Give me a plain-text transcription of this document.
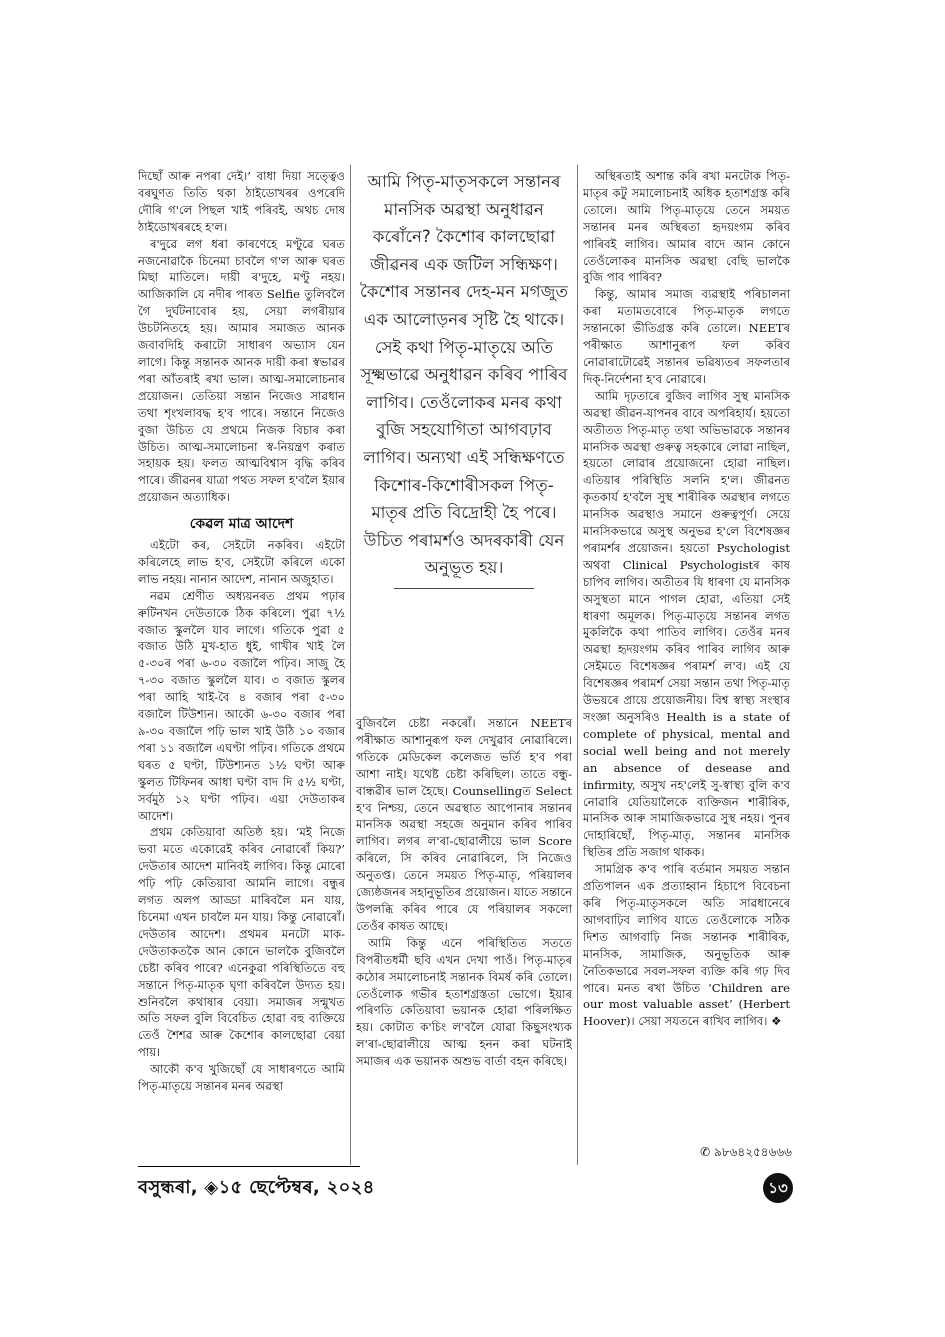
দিছোঁ আৰু নপৰা দেই।’ বাধা দিয়া সত্ত্বেও বৰঘুণত তিতি থকা ঠাইডোখৰৰ ওপৰেদি দৌৰি গ'লে পিছল খাই পৰিবই, অথচ দোষ ঠাইডোখৰৰহে হ'ল।

ৰ'দুৱে লগ ধৰা কাৰণেহে মণ্টুৱে ঘৰত নজনোৱাকৈ চিনেমা চাবলৈ গ'ল আৰু ঘৰত মিছা মাতিলে। দায়ী ৰ'দুহে, মণ্টু নহয়। আজিকালি যে নদীৰ পাৰত Selfie তুলিবলৈ গৈ দুৰ্ঘটনাবোৰ হয়, সেয়া লগৰীয়াৰ উচটনিতহে হয়। আমাৰ সমাজত আনক জবাবদিহি কৰাটো সাধাৰণ অভ্যাস যেন লাগে। কিন্তু সন্তানক আনক দায়ী কৰা স্বভাৱৰ পৰা আঁতৰাই ৰখা ভাল। আত্ম-সমালোচনাৰ প্ৰয়োজন। তেতিয়া সন্তান নিজেও সাৱধান তথা শৃংখলাবদ্ধ হ'ব পাৰে। সন্তানে নিজেও বুজা উচিত যে প্ৰথমে নিজক বিচাৰ কৰা উচিত। আত্ম-সমালোচনা স্ব-নিয়ন্ত্ৰণ কৰাত সহায়ক হয়। ফলত আত্মবিশ্বাস বৃদ্ধি কৰিব পাৰে। জীৱনৰ যাত্ৰা পথত সফল হ'বলৈ ইয়াৰ প্ৰয়োজন অত্যাধিক।

কেৱল মাত্ৰ আদেশ

এইটো কৰ, সেইটো নকৰিব। এইটো কৰিলেহে লাভ হ'ব, সেইটো কৰিলে একো লাভ নহয়। নানান আদেশ, নানান অজুহাত।

নৱম শ্ৰেণীত অধ্যয়নৰত প্ৰথম পঢ়াৰ ৰুটিনখন দেউতাকে ঠিক কৰিলে। পুৱা ৭½ বজাত স্কুললৈ যাব লাগে। গতিকে পুৱা ৫ বজাত উঠি মুখ-হাত ধুই, গাখীৰ খাই লৈ ৫-৩০ৰ পৰা ৬-৩০ বজালৈ পঢ়িব। সাজু হৈ ৭-৩০ বজাত স্কুললৈ যাব। ৩ বজাত স্কুলৰ পৰা আহি খাই-বৈ ৪ বজাৰ পৰা ৫-৩০ বজালৈ টিউশ্যন। আকৌ ৬-৩০ বজাৰ পৰা ৯-৩০ বজালৈ পঢ়ি ভাল খাই উঠি ১০ বজাৰ পৰা ১১ বজালৈ এঘণ্টা পঢ়িব। গতিকে প্ৰথমে ঘৰত ৫ ঘণ্টা, টিউশ্যনত ১½ ঘণ্টা আৰু স্কুলত টিফিনৰ আধা ঘণ্টা বাদ দি ৫½ ঘণ্টা, সৰ্বমুঠ ১২ ঘণ্টা পঢ়িব। এয়া দেউতাকৰ আদেশ।

প্ৰথম কেতিয়াবা অতিষ্ঠ হয়। ‘মই নিজে ভবা মতে একোৱেই কৰিব নোৱাৰোঁ কিয়?’ দেউতাৰ আদেশ মানিবই লাগিব। কিন্তু মোৰো পঢ়ি পঢ়ি কেতিয়াবা আমনি লাগে। বন্ধুৰ লগত অলপ আড্ডা মাৰিবলৈ মন যায়, চিনেমা এখন চাবলৈ মন যায়। কিন্তু নোৱাৰোঁ। দেউতাৰ আদেশ। প্ৰথমৰ মনটো মাক-দেউতাকতকৈ আন কোনে ভালকৈ বুজিবলৈ চেষ্টা কৰিব পাৰে? এনেকুৱা পৰিস্থিতিতে বহু সন্তানে পিতৃ-মাতৃক ঘৃণা কৰিবলৈ উদ্যত হয়। শুনিবলৈ কথাষাৰ বেয়া। সমাজৰ সন্মুখত অতি সফল বুলি বিবেচিত হোৱা বহু ব্যক্তিয়ে তেওঁ শৈশৱ আৰু কৈশোৰ কালছোৱা বেয়া পায়।

আকৌ ক'ব খুজিছোঁ যে সাধাৰণতে আমি পিতৃ-মাতৃয়ে সন্তানৰ মনৰ অৱস্থা

আমি পিতৃ-মাতৃসকলে সন্তানৰ মানসিক অৱস্থা অনুধাৱন কৰোঁনে? কৈশোৰ কালছোৱা জীৱনৰ এক জটিল সন্ধিক্ষণ। কৈশোৰ সন্তানৰ দেহ-মন মগজুত এক আলোড়নৰ সৃষ্টি হৈ থাকে। সেই কথা পিতৃ-মাতৃয়ে অতি সূক্ষ্মভাৱে অনুধাৱন কৰিব পাৰিব লাগিব। তেওঁলোকৰ মনৰ কথা বুজি সহযোগিতা আগবঢ়াব লাগিব। অন্যথা এই সন্ধিক্ষণতে কিশোৰ-কিশোৰীসকল পিতৃ-মাতৃৰ প্ৰতি বিদ্ৰোহী হৈ পৰে। উচিত পৰামৰ্শও অদৰকাৰী যেন অনুভূত হয়।

বুজিবলৈ চেষ্টা নকৰোঁ। সন্তানে NEETৰ পৰীক্ষাত আশানুৰূপ ফল দেখুৱাব নোৱাৰিলে। গতিকে মেডিকেল কলেজত ভৰ্তি হ'ব পৰা আশা নাই। যথেষ্ট চেষ্টা কৰিছিল। তাতে বন্ধু-বান্ধৱীৰ ভাল হৈছে। Counsellingত Select হ'ব নিশ্চয়, তেনে অৱস্থাত আপোনাৰ সন্তানৰ মানসিক অৱস্থা সহজে অনুমান কৰিব পাৰিব লাগিব। লগৰ ল'ৰা-ছোৱালীয়ে ভাল Score কৰিলে, সি কৰিব নোৱাৰিলে, সি নিজেও অনুতপ্ত। তেনে সময়ত পিতৃ-মাতৃ, পৰিয়ালৰ জ্যেষ্ঠজনৰ সহানুভূতিৰ প্ৰয়োজন। যাতে সন্তানে উপলব্ধি কৰিব পাৰে যে পৰিয়ালৰ সকলো তেওঁৰ কাষত আছে।

আমি কিন্তু এনে পৰিস্থিতিত সততে বিপৰীতধৰ্মী ছবি এখন দেখা পাওঁ। পিতৃ-মাতৃৰ কঠোৰ সমালোচনাই সন্তানক বিমৰ্ষ কৰি তোলে। তেওঁলোক গভীৰ হতাশগ্ৰস্ততা ভোগে। ইয়াৰ পৰিণতি কেতিয়াবা ভয়ানক হোৱা পৰিলক্ষিত হয়। কোটাত ক'চিং ল'বলৈ যোৱা কিছুসংখ্যক ল'ৰা-ছোৱালীয়ে আত্ম হনন কৰা ঘটনাই সমাজৰ এক ভয়ানক অশুভ বাৰ্তা বহন কৰিছে।

অস্থিৰতাই অশান্ত কৰি ৰখা মনটোক পিতৃ-মাতৃৰ কটু সমালোচনাই অধিক হতাশগ্ৰস্ত কৰি তোলে। আমি পিতৃ-মাতৃয়ে তেনে সময়ত সন্তানৰ মনৰ অস্থিৰতা হৃদয়ংগম কৰিব পাৰিবই লাগিব। আমাৰ বাদে আন কোনে তেওঁলোকৰ মানসিক অৱস্থা বেছি ভালকৈ বুজি পাব পাৰিব?

কিন্তু, আমাৰ সমাজ ব্যৱস্থাই পৰিচালনা কৰা মতামতবোৰে পিতৃ-মাতৃক লগতে সন্তানকো ভীতিগ্ৰস্ত কৰি তোলে। NEETৰ পৰীক্ষাত আশানুৰূপ ফল কৰিব নোৱাৰাটোৱেই সন্তানৰ ভৱিষ্যতৰ সফলতাৰ দিক্-নিৰ্দেশনা হ'ব নোৱাৰে।

আমি দৃঢ়তাৰে বুজিব লাগিব সুস্থ মানসিক অৱস্থা জীৱন-যাপনৰ বাবে অপৰিহাৰ্য। হয়তো অতীতত পিতৃ-মাতৃ তথা অভিভাৱকে সন্তানৰ মানসিক অৱস্থা গুৰুত্ব সহকাৰে লোৱা নাছিল, হয়তো লোৱাৰ প্ৰয়োজনো হোৱা নাছিল। এতিয়াৰ পৰিস্থিতি সলনি হ'ল। জীৱনত কৃতকাৰ্য হ'বলৈ সুস্থ শাৰীৰিক অৱস্থাৰ লগতে মানসিক অৱস্থাও সমানে গুৰুত্বপূৰ্ণ। সেয়ে মানসিকভাৱে অসুস্থ অনুভৱ হ'লে বিশেষজ্ঞৰ পৰামৰ্শৰ প্ৰয়োজন। হয়তো Psychologist অথবা Clinical Psychologistৰ কাষ চাপিব লাগিব। অতীতৰ যি ধাৰণা যে মানসিক অসুস্থতা মানে পাগল হোৱা, এতিয়া সেই ধাৰণা অমূলক। পিতৃ-মাতৃয়ে সন্তানৰ লগত মুকলিকৈ কথা পাতিব লাগিব। তেওঁৰ মনৰ অৱস্থা হৃদয়ংগম কৰিব পাৰিব লাগিব আৰু সেইমতে বিশেষজ্ঞৰ পৰামৰ্শ ল'ব। এই যে বিশেষজ্ঞৰ পৰামৰ্শ সেয়া সন্তান তথা পিতৃ-মাতৃ উভয়ৰে প্ৰায়ে প্ৰয়োজনীয়। বিশ্ব স্বাস্থ্য সংস্থাৰ সংজ্ঞা অনুসৰিও Health is a state of complete of physical, mental and social well being and not merely an absence of desease and infirmity, অসুখ নহ'লেই সু-স্বাস্থ্য বুলি ক'ব নোৱাৰি যেতিয়ালৈকে ব্যক্তিজন শাৰীৰিক, মানসিক আৰু সামাজিকভাৱে সুস্থ নহয়। পুনৰ দোহাৰিছোঁ, পিতৃ-মাতৃ, সন্তানৰ মানসিক স্থিতিৰ প্ৰতি সজাগ থাকক।

সামগ্ৰিক ক'ব পাৰি বৰ্তমান সময়ত সন্তান প্ৰতিপালন এক প্ৰত্যাহ্বান হিচাপে বিবেচনা কৰি পিতৃ-মাতৃসকলে অতি সাৱধানেৰে আগবাঢ়িব লাগিব যাতে তেওঁলোকে সঠিক দিশত আগবাঢ়ি নিজ সন্তানক শাৰীৰিক, মানসিক, সামাজিক, অনুভূতিক আৰু নৈতিকভাৱে সবল-সফল ব্যক্তি কৰি গঢ় দিব পাৰে। মনত ৰখা উচিত ‘Children are our most valuable asset’ (Herbert Hoover)। সেয়া সযতনে ৰাখিব লাগিব। ❖

✆ ৯৮৬৪২৫৪৬৬৬
বসুন্ধৰা, ◈১৫ ছেপ্টেম্বৰ, ২০২৪	১৩
